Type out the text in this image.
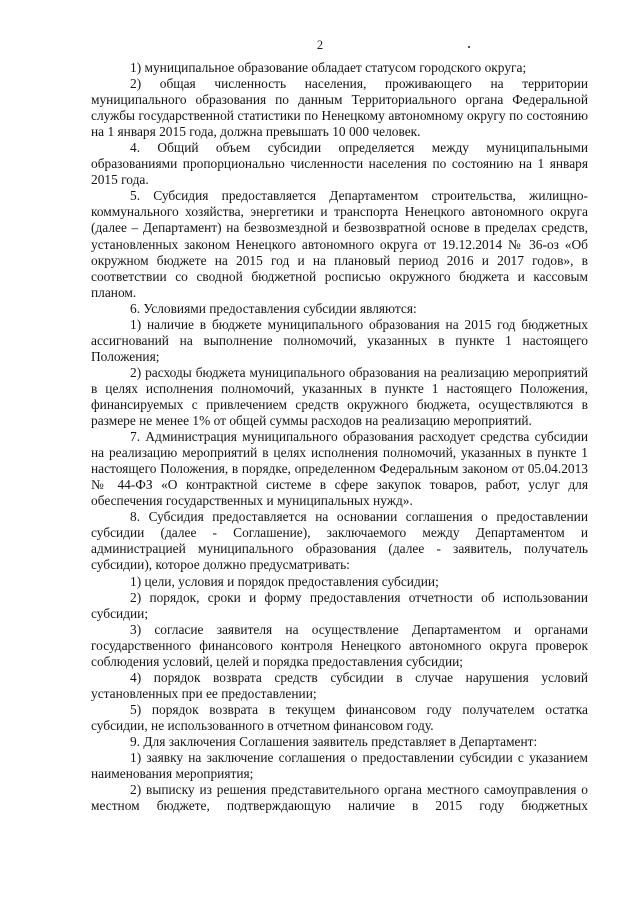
2

1) муниципальное образование обладает статусом городского округа;

2) общая численность населения, проживающего на территории муниципального образования по данным Территориального органа Федеральной службы государственной статистики по Ненецкому автономному округу по состоянию на 1 января 2015 года, должна превышать 10 000 человек.

4. Общий объем субсидии определяется между муниципальными образованиями пропорционально численности населения по состоянию на 1 января 2015 года.

5. Субсидия предоставляется Департаментом строительства, жилищно-коммунального хозяйства, энергетики и транспорта Ненецкого автономного округа (далее – Департамент) на безвозмездной и безвозвратной основе в пределах средств, установленных законом Ненецкого автономного округа от 19.12.2014 № 36-оз «Об окружном бюджете на 2015 год и на плановый период 2016 и 2017 годов», в соответствии со сводной бюджетной росписью окружного бюджета и кассовым планом.

6. Условиями предоставления субсидии являются:

1) наличие в бюджете муниципального образования на 2015 год бюджетных ассигнований на выполнение полномочий, указанных в пункте 1 настоящего Положения;

2) расходы бюджета муниципального образования на реализацию мероприятий в целях исполнения полномочий, указанных в пункте 1 настоящего Положения, финансируемых с привлечением средств окружного бюджета, осуществляются в размере не менее 1% от общей суммы расходов на реализацию мероприятий.

7. Администрация муниципального образования расходует средства субсидии на реализацию мероприятий в целях исполнения полномочий, указанных в пункте 1 настоящего Положения, в порядке, определенном Федеральным законом от 05.04.2013 № 44-ФЗ «О контрактной системе в сфере закупок товаров, работ, услуг для обеспечения государственных и муниципальных нужд».

8. Субсидия предоставляется на основании соглашения о предоставлении субсидии (далее - Соглашение), заключаемого между Департаментом и администрацией муниципального образования (далее - заявитель, получатель субсидии), которое должно предусматривать:

1) цели, условия и порядок предоставления субсидии;

2) порядок, сроки и форму предоставления отчетности об использовании субсидии;

3) согласие заявителя на осуществление Департаментом и органами государственного финансового контроля Ненецкого автономного округа проверок соблюдения условий, целей и порядка предоставления субсидии;

4) порядок возврата средств субсидии в случае нарушения условий установленных при ее предоставлении;

5) порядок возврата в текущем финансовом году получателем остатка субсидии, не использованного в отчетном финансовом году.

9. Для заключения Соглашения заявитель представляет в Департамент:

1) заявку на заключение соглашения о предоставлении субсидии с указанием наименования мероприятия;

2) выписку из решения представительного органа местного самоуправления о местном бюджете, подтверждающую наличие в 2015 году бюджетных
